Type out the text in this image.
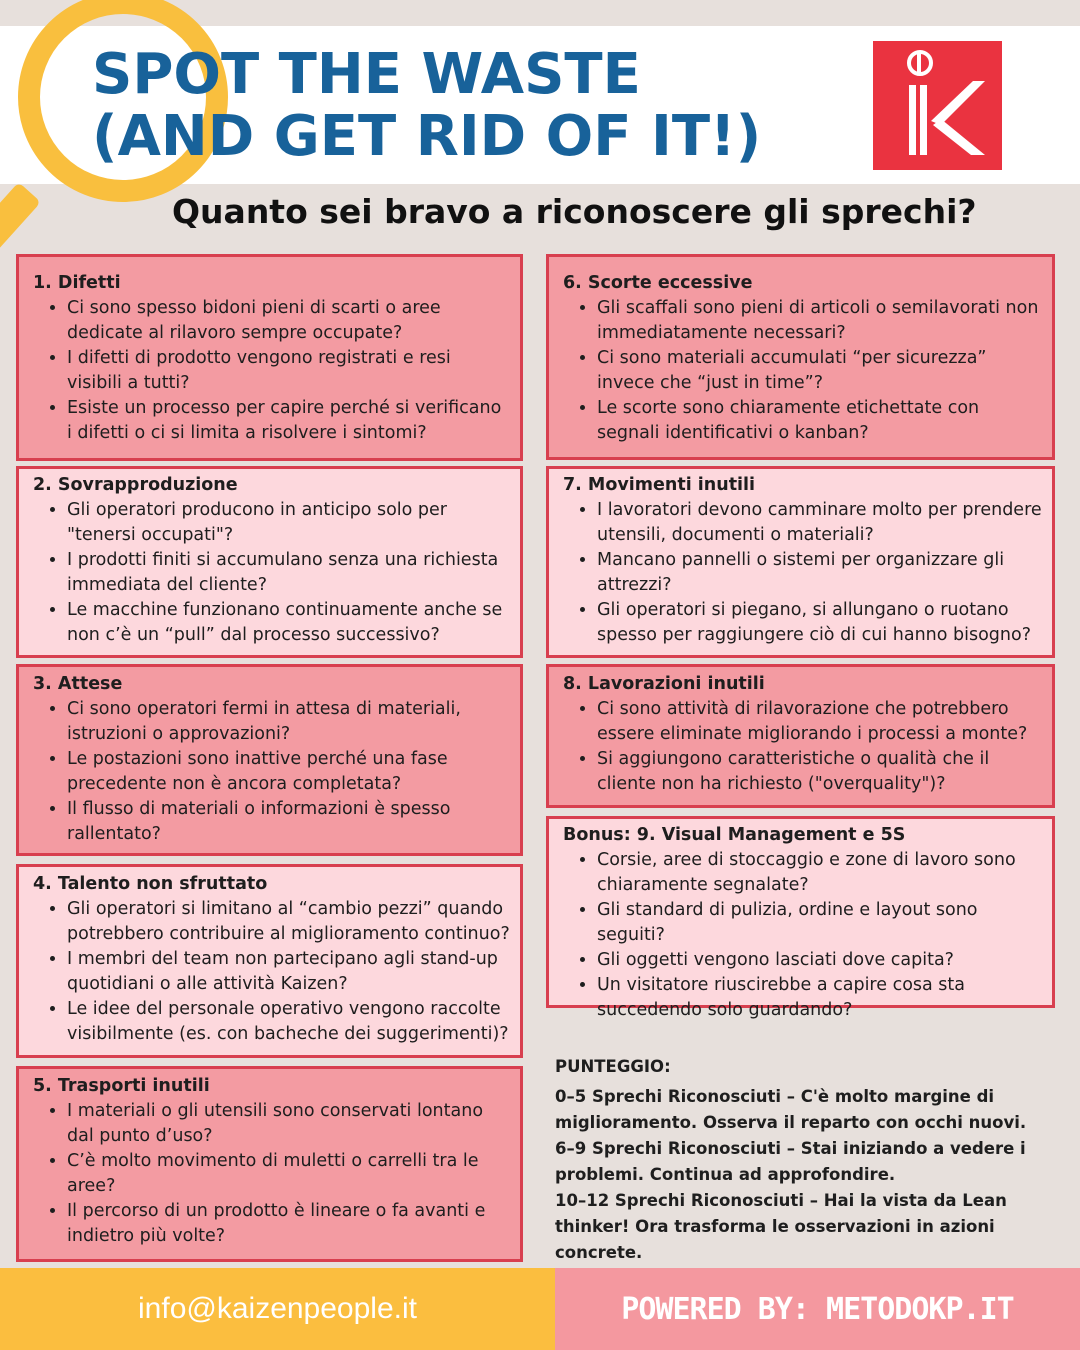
SPOT THE WASTE
(AND GET RID OF IT!)
Quanto sei bravo a riconoscere gli sprechi?
1. Difetti
• Ci sono spesso bidoni pieni di scarti o aree dedicate al rilavoro sempre occupate?
• I difetti di prodotto vengono registrati e resi visibili a tutti?
• Esiste un processo per capire perché si verificano i difetti o ci si limita a risolvere i sintomi?
2. Sovrapproduzione
• Gli operatori producono in anticipo solo per "tenersi occupati"?
• I prodotti finiti si accumulano senza una richiesta immediata del cliente?
• Le macchine funzionano continuamente anche se non c’è un “pull” dal processo successivo?
3. Attese
• Ci sono operatori fermi in attesa di materiali, istruzioni o approvazioni?
• Le postazioni sono inattive perché una fase precedente non è ancora completata?
• Il flusso di materiali o informazioni è spesso rallentato?
4. Talento non sfruttato
• Gli operatori si limitano al “cambio pezzi” quando potrebbero contribuire al miglioramento continuo?
• I membri del team non partecipano agli stand-up quotidiani o alle attività Kaizen?
• Le idee del personale operativo vengono raccolte visibilmente (es. con bacheche dei suggerimenti)?
5. Trasporti inutili
• I materiali o gli utensili sono conservati lontano dal punto d’uso?
• C’è molto movimento di muletti o carrelli tra le aree?
• Il percorso di un prodotto è lineare o fa avanti e indietro più volte?
6. Scorte eccessive
• Gli scaffali sono pieni di articoli o semilavorati non immediatamente necessari?
• Ci sono materiali accumulati “per sicurezza” invece che “just in time”?
• Le scorte sono chiaramente etichettate con segnali identificativi o kanban?
7. Movimenti inutili
• I lavoratori devono camminare molto per prendere utensili, documenti o materiali?
• Mancano pannelli o sistemi per organizzare gli attrezzi?
• Gli operatori si piegano, si allungano o ruotano spesso per raggiungere ciò di cui hanno bisogno?
8. Lavorazioni inutili
• Ci sono attività di rilavorazione che potrebbero essere eliminate migliorando i processi a monte?
• Si aggiungono caratteristiche o qualità che il cliente non ha richiesto ("overquality")?
Bonus: 9. Visual Management e 5S
• Corsie, aree di stoccaggio e zone di lavoro sono chiaramente segnalate?
• Gli standard di pulizia, ordine e layout sono seguiti?
• Gli oggetti vengono lasciati dove capita?
• Un visitatore riuscirebbe a capire cosa sta succedendo solo guardando?
PUNTEGGIO:

0–5 Sprechi Riconosciuti – C'è molto margine di miglioramento. Osserva il reparto con occhi nuovi.

6–9 Sprechi Riconosciuti – Stai iniziando a vedere i problemi. Continua ad approfondire.

10–12 Sprechi Riconosciuti – Hai la vista da Lean thinker! Ora trasforma le osservazioni in azioni concrete.

info@kaizenpeople.it	POWERED BY: METODOKP.IT
